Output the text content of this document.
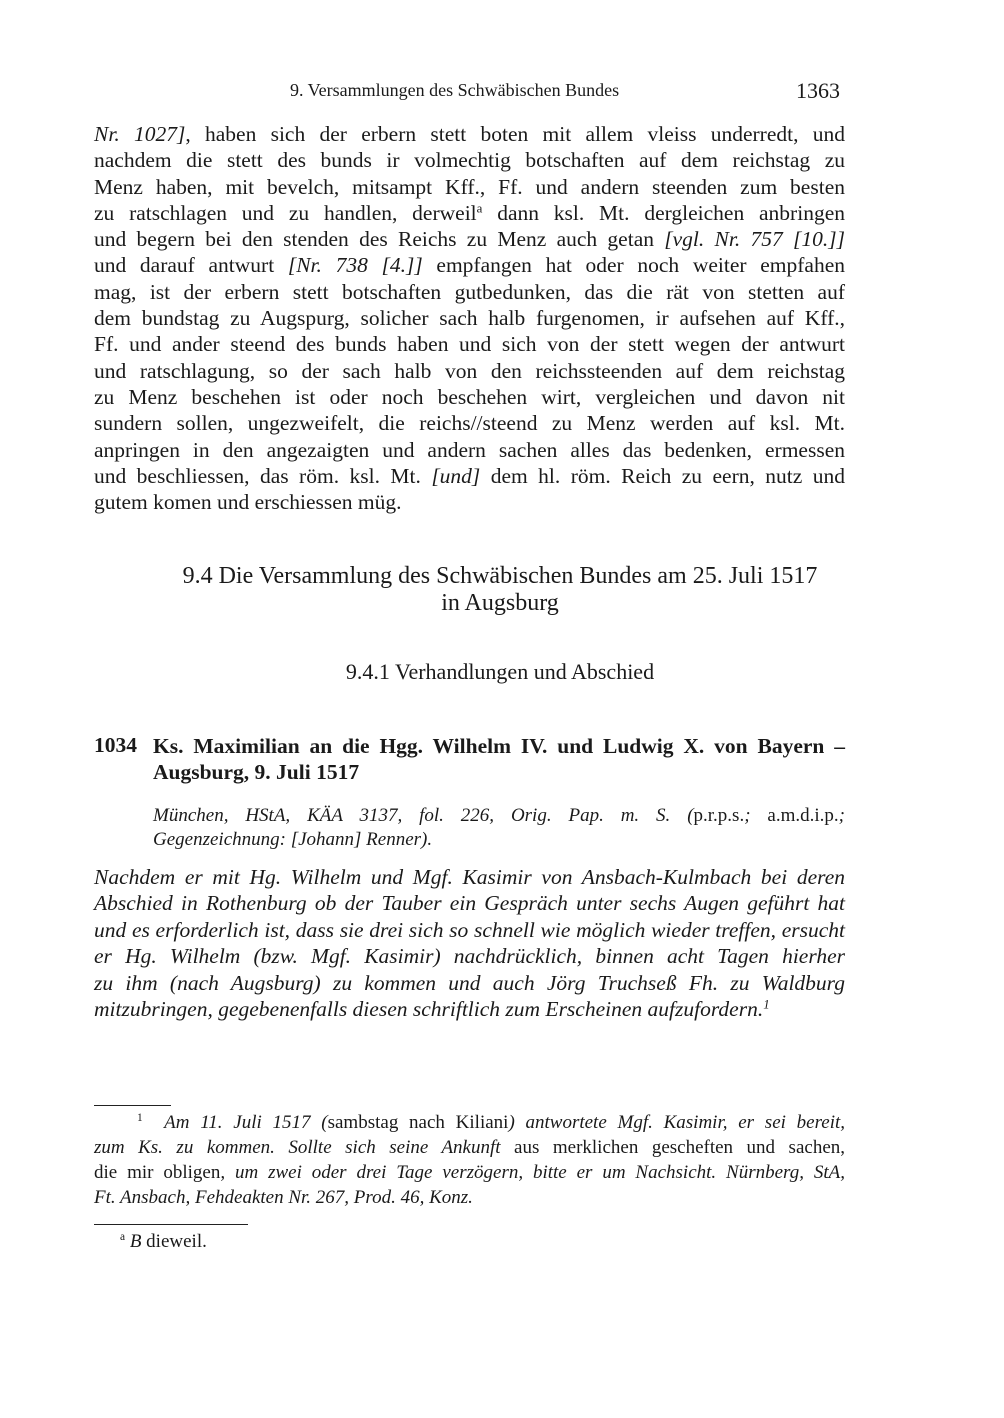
9. Versammlungen des Schwäbischen Bundes	1363
Nr. 1027], haben sich der erbern stett boten mit allem vleiss underredt, und
nachdem die stett des bunds ir volmechtig botschaften auf dem reichstag zu
Menz haben, mit bevelch, mitsampt Kff., Ff. und andern steenden zum besten
zu ratschlagen und zu handlen, derweil$^a$ dann ksl. Mt. dergleichen anbringen
und begern bei den stenden des Reichs zu Menz auch getan [vgl. Nr. 757 [10.]]
und darauf antwurt [Nr. 738 [4.]] empfangen hat oder noch weiter empfahen
mag, ist der erbern stett botschaften gutbedunken, das die rät von stetten auf
dem bundstag zu Augspurg, solicher sach halb furgenomen, ir aufsehen auf Kff.,
Ff. und ander steend des bunds haben und sich von der stett wegen der antwurt
und ratschlagung, so der sach halb von den reichssteenden auf dem reichstag
zu Menz beschehen ist oder noch beschehen wirt, vergleichen und davon nit
sundern sollen, ungezweifelt, die reichs//steend zu Menz werden auf ksl. Mt.
anpringen in den angezaigten und andern sachen alles das bedenken, ermessen
und beschliessen, das röm. ksl. Mt. [und] dem hl. röm. Reich zu eern, nutz und
gutem komen und erschiessen müg.
9.4 Die Versammlung des Schwäbischen Bundes am 25. Juli 1517
in Augsburg
9.4.1 Verhandlungen und Abschied
1034 Ks. Maximilian an die Hgg. Wilhelm IV. und Ludwig X. von Bayern –
Augsburg, 9. Juli 1517
München, HStA, KÄA 3137, fol. 226, Orig. Pap. m. S. (p.r.p.s.; a.m.d.i.p.;
Gegenzeichnung: [Johann] Renner).
Nachdem er mit Hg. Wilhelm und Mgf. Kasimir von Ansbach-Kulmbach bei deren
Abschied in Rothenburg ob der Tauber ein Gespräch unter sechs Augen geführt hat
und es erforderlich ist, dass sie drei sich so schnell wie möglich wieder treffen, ersucht
er Hg. Wilhelm (bzw. Mgf. Kasimir) nachdrücklich, binnen acht Tagen hierher
zu ihm (nach Augsburg) zu kommen und auch Jörg Truchseß Fh. zu Waldburg
mitzubringen, gegebenenfalls diesen schriftlich zum Erscheinen aufzufordern.$^1$
$^1$ Am 11. Juli 1517 (sambstag nach Kiliani) antwortete Mgf. Kasimir, er sei bereit,
zum Ks. zu kommen. Sollte sich seine Ankunft aus merklichen gescheften und sachen,
die mir obligen, um zwei oder drei Tage verzögern, bitte er um Nachsicht. Nürnberg, StA,
Ft. Ansbach, Fehdeakten Nr. 267, Prod. 46, Konz.
$^a$ B dieweil.
